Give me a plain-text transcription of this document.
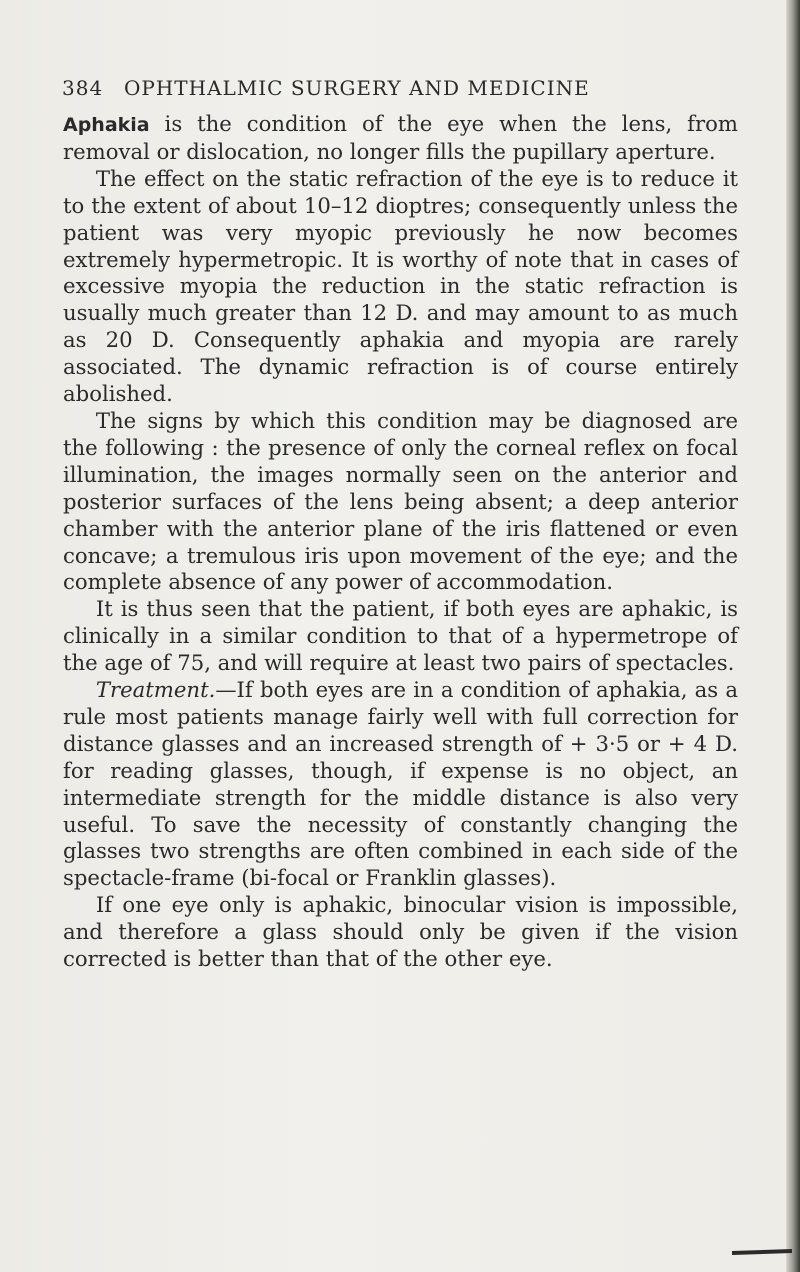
384 OPHTHALMIC SURGERY AND MEDICINE

Aphakia is the condition of the eye when the lens, from removal or dislocation, no longer fills the pupillary aperture.

The effect on the static refraction of the eye is to reduce it to the extent of about 10–12 dioptres; consequently unless the patient was very myopic previously he now becomes extremely hypermetropic. It is worthy of note that in cases of excessive myopia the reduction in the static refraction is usually much greater than 12 D. and may amount to as much as 20 D. Consequently aphakia and myopia are rarely associated. The dynamic refraction is of course entirely abolished.

The signs by which this condition may be diagnosed are the following : the presence of only the corneal reflex on focal illumination, the images normally seen on the anterior and posterior surfaces of the lens being absent; a deep anterior chamber with the anterior plane of the iris flattened or even concave; a tremulous iris upon movement of the eye; and the complete absence of any power of accommodation.

It is thus seen that the patient, if both eyes are aphakic, is clinically in a similar condition to that of a hypermetrope of the age of 75, and will require at least two pairs of spectacles.

Treatment.—If both eyes are in a condition of aphakia, as a rule most patients manage fairly well with full correction for distance glasses and an increased strength of + 3·5 or + 4 D. for reading glasses, though, if expense is no object, an intermediate strength for the middle distance is also very useful. To save the necessity of constantly changing the glasses two strengths are often combined in each side of the spectacle-frame (bi-focal or Franklin glasses).

If one eye only is aphakic, binocular vision is impossible, and therefore a glass should only be given if the vision corrected is better than that of the other eye.
